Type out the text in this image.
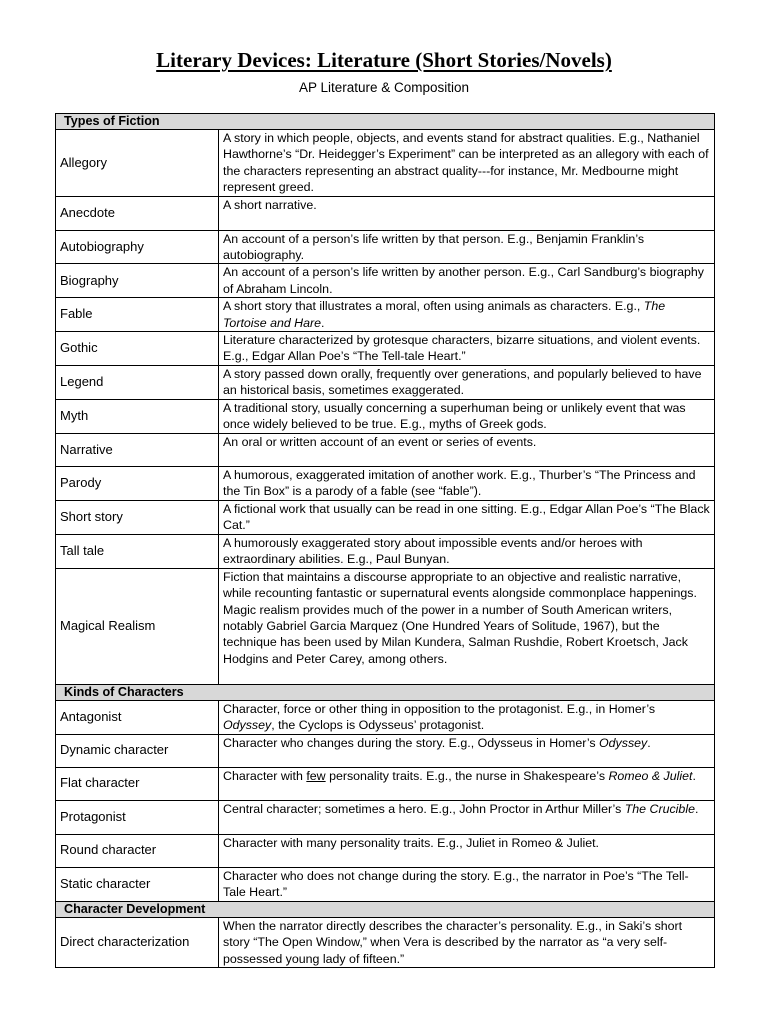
Literary Devices: Literature (Short Stories/Novels)
AP Literature & Composition
Types of Fiction	
Allegory	A story in which people, objects, and events stand for abstract qualities. E.g., Nathaniel Hawthorne’s “Dr. Heidegger’s Experiment” can be interpreted as an allegory with each of the characters representing an abstract quality---for instance, Mr. Medbourne might represent greed.
Anecdote	A short narrative.
Autobiography	An account of a person’s life written by that person. E.g., Benjamin Franklin’s autobiography.
Biography	An account of a person’s life written by another person. E.g., Carl Sandburg’s biography of Abraham Lincoln.
Fable	A short story that illustrates a moral, often using animals as characters. E.g., The Tortoise and Hare.
Gothic	Literature characterized by grotesque characters, bizarre situations, and violent events. E.g., Edgar Allan Poe’s “The Tell-tale Heart.”
Legend	A story passed down orally, frequently over generations, and popularly believed to have an historical basis, sometimes exaggerated.
Myth	A traditional story, usually concerning a superhuman being or unlikely event that was once widely believed to be true. E.g., myths of Greek gods.
Narrative	An oral or written account of an event or series of events.
Parody	A humorous, exaggerated imitation of another work. E.g., Thurber’s “The Princess and the Tin Box” is a parody of a fable (see “fable”).
Short story	A fictional work that usually can be read in one sitting. E.g., Edgar Allan Poe’s “The Black Cat.”
Tall tale	A humorously exaggerated story about impossible events and/or heroes with extraordinary abilities. E.g., Paul Bunyan.
Magical Realism	Fiction that maintains a discourse appropriate to an objective and realistic narrative, while recounting fantastic or supernatural events alongside commonplace happenings. Magic realism provides much of the power in a number of South American writers, notably Gabriel Garcia Marquez (One Hundred Years of Solitude, 1967), but the technique has been used by Milan Kundera, Salman Rushdie, Robert Kroetsch, Jack Hodgins and Peter Carey, among others.
Kinds of Characters	
Antagonist	Character, force or other thing in opposition to the protagonist. E.g., in Homer’s Odyssey, the Cyclops is Odysseus’ protagonist.
Dynamic character	Character who changes during the story. E.g., Odysseus in Homer’s Odyssey.
Flat character	Character with few personality traits. E.g., the nurse in Shakespeare’s Romeo & Juliet.
Protagonist	Central character; sometimes a hero. E.g., John Proctor in Arthur Miller’s The Crucible.
Round character	Character with many personality traits. E.g., Juliet in Romeo & Juliet.
Static character	Character who does not change during the story. E.g., the narrator in Poe’s “The Tell-Tale Heart.”
Character Development	
Direct characterization	When the narrator directly describes the character’s personality. E.g., in Saki’s short story “The Open Window,” when Vera is described by the narrator as “a very self-possessed young lady of fifteen.”
